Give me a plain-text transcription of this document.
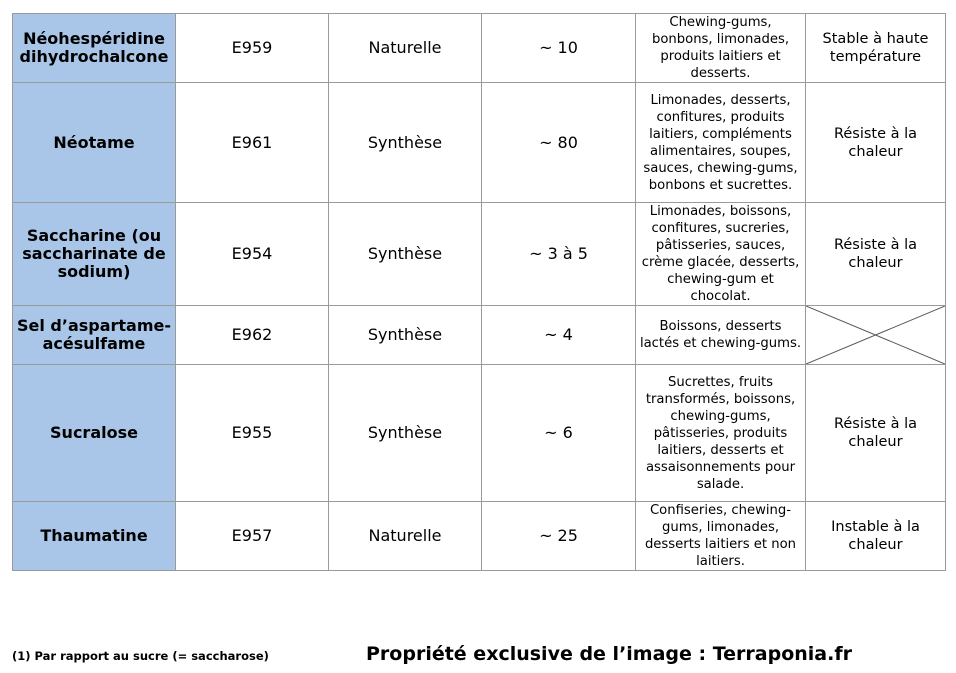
Néohespéridine dihydrochalcone	E959	Naturelle	~ 10	Chewing-gums, bonbons, limonades, produits laitiers et desserts.	Stable à haute température
Néotame	E961	Synthèse	~ 80	Limonades, desserts, confitures, produits laitiers, compléments alimentaires, soupes, sauces, chewing-gums, bonbons et sucrettes.	Résiste à la chaleur
Saccharine (ou saccharinate de sodium)	E954	Synthèse	~ 3 à 5	Limonades, boissons, confitures, sucreries, pâtisseries, sauces, crème glacée, desserts, chewing-gum et chocolat.	Résiste à la chaleur
Sel d’aspartame-acésulfame	E962	Synthèse	~ 4	Boissons, desserts lactés et chewing-gums.	

Sucralose	E955	Synthèse	~ 6	Sucrettes, fruits transformés, boissons, chewing-gums, pâtisseries, produits laitiers, desserts et assaisonnements pour salade.	Résiste à la chaleur
Thaumatine	E957	Naturelle	~ 25	Confiseries, chewing-gums, limonades, desserts laitiers et non laitiers.	Instable à la chaleur
(1) Par rapport au sucre (= saccharose)	Propriété exclusive de l’image : Terraponia.fr
